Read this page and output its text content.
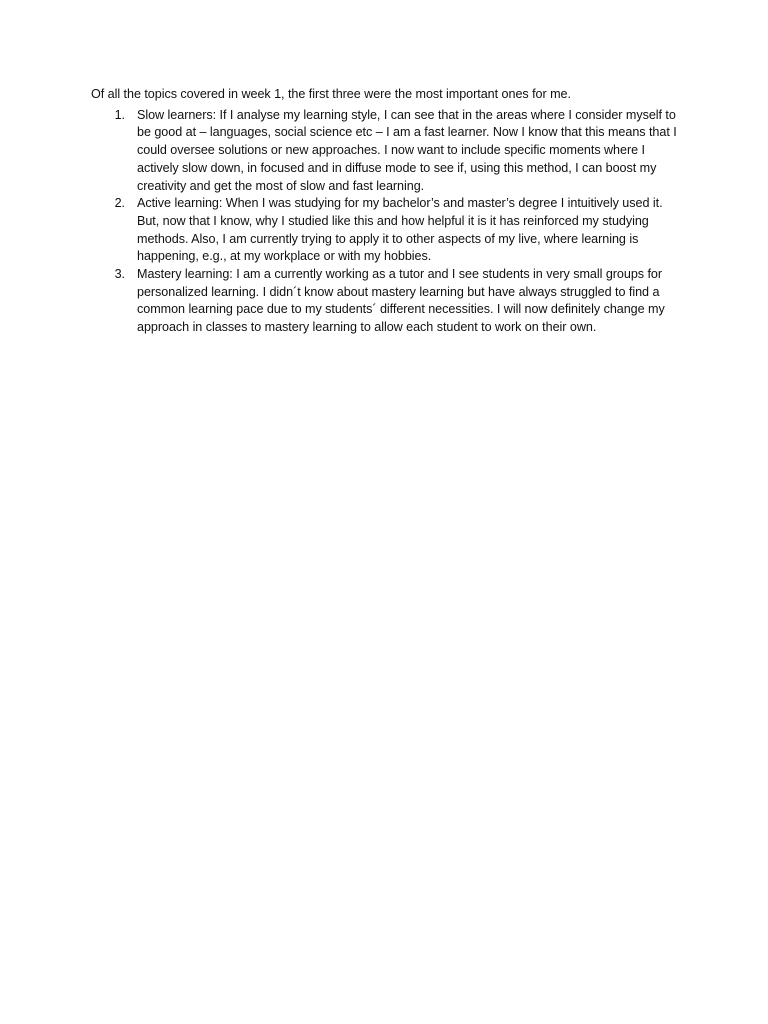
Of all the topics covered in week 1, the first three were the most important ones for me.

1. Slow learners: If I analyse my learning style, I can see that in the areas where I consider myself to be good at – languages, social science etc – I am a fast learner. Now I know that this means that I could oversee solutions or new approaches. I now want to include specific moments where I actively slow down, in focused and in diffuse mode to see if, using this method, I can boost my creativity and get the most of slow and fast learning.
2. Active learning: When I was studying for my bachelor’s and master’s degree I intuitively used it. But, now that I know, why I studied like this and how helpful it is it has reinforced my studying methods. Also, I am currently trying to apply it to other aspects of my live, where learning is happening, e.g., at my workplace or with my hobbies.
3. Mastery learning: I am a currently working as a tutor and I see students in very small groups for personalized learning. I didn´t know about mastery learning but have always struggled to find a common learning pace due to my students´ different necessities. I will now definitely change my approach in classes to mastery learning to allow each student to work on their own.
